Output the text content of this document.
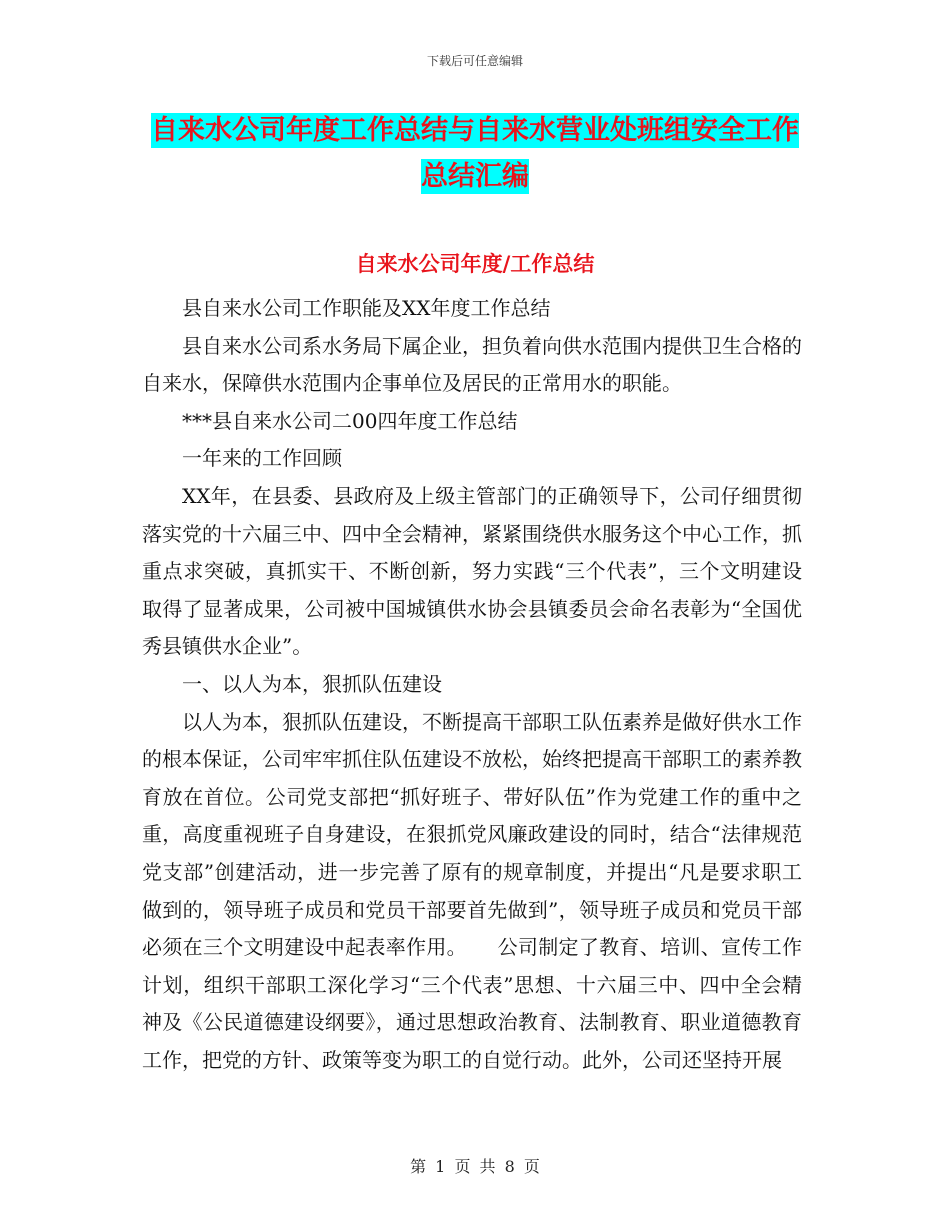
下载后可任意编辑
自来水公司年度工作总结与自来水营业处班组安全工作总结汇编
自来水公司年度/工作总结

县自来水公司工作职能及XX年度工作总结

县自来水公司系水务局下属企业，担负着向供水范围内提供卫生合格的自来水，保障供水范围内企事单位及居民的正常用水的职能。

***县自来水公司二00四年度工作总结

一年来的工作回顾

XX年，在县委、县政府及上级主管部门的正确领导下，公司仔细贯彻落实党的十六届三中、四中全会精神，紧紧围绕供水服务这个中心工作，抓重点求突破，真抓实干、不断创新，努力实践“三个代表”，三个文明建设取得了显著成果，公司被中国城镇供水协会县镇委员会命名表彰为“全国优秀县镇供水企业”。

一、以人为本，狠抓队伍建设

以人为本，狠抓队伍建设，不断提高干部职工队伍素养是做好供水工作的根本保证，公司牢牢抓住队伍建设不放松，始终把提高干部职工的素养教育放在首位。公司党支部把“抓好班子、带好队伍”作为党建工作的重中之重，高度重视班子自身建设，在狠抓党风廉政建设的同时，结合“法律规范党支部”创建活动，进一步完善了原有的规章制度，并提出“凡是要求职工做到的，领导班子成员和党员干部要首先做到”，领导班子成员和党员干部必须在三个文明建设中起表率作用。　　公司制定了教育、培训、宣传工作计划，组织干部职工深化学习“三个代表”思想、十六届三中、四中全会精神及《公民道德建设纲要》，通过思想政治教育、法制教育、职业道德教育工作，把党的方针、政策等变为职工的自觉行动。此外，公司还坚持开展

第 1 页 共 8 页
